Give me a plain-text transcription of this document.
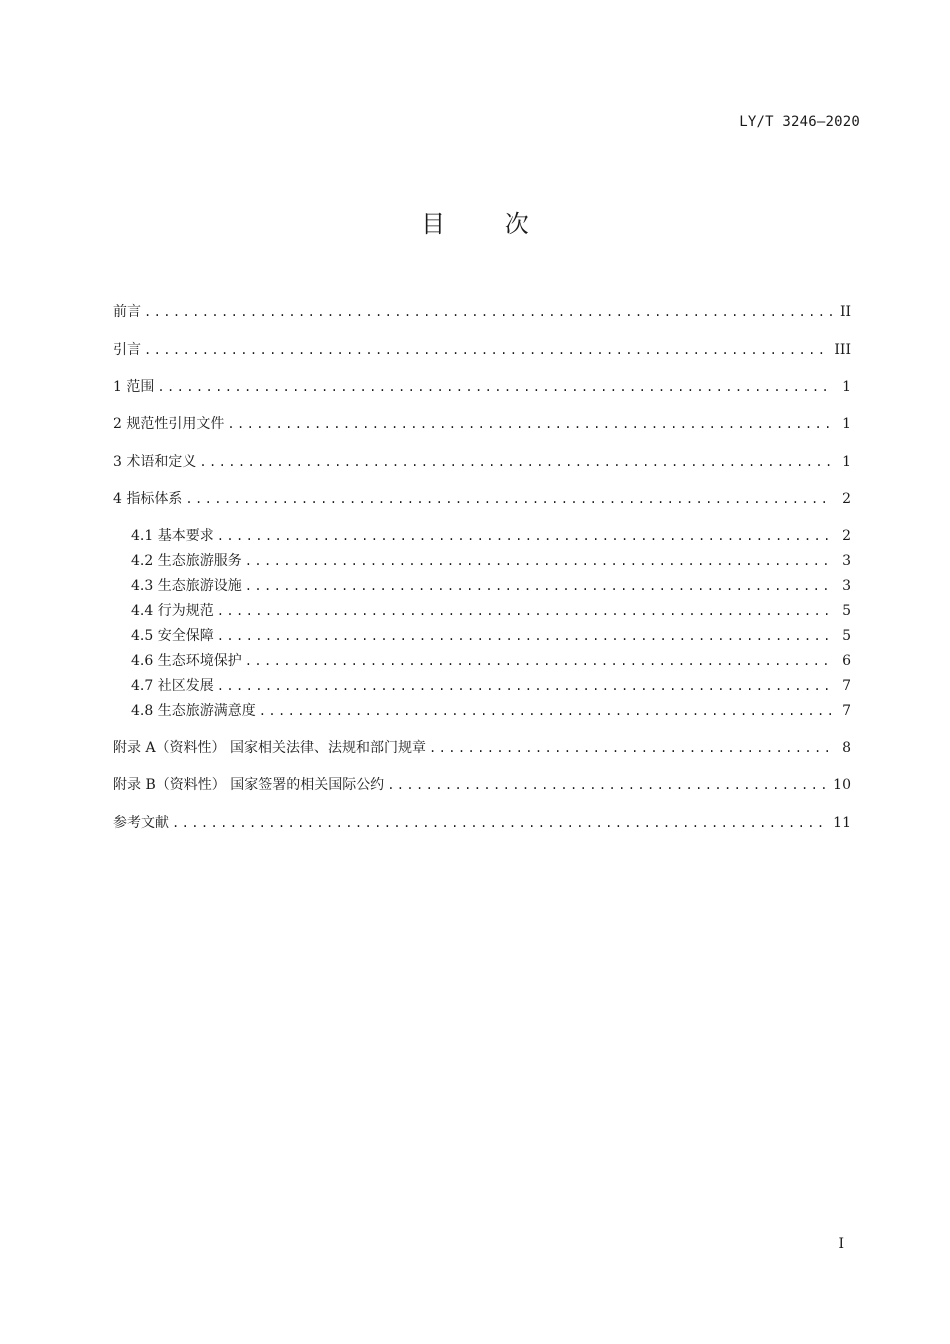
LY/T 3246—2020
目 次
前言 .....	II
引言 .....	III
1 范围 .....	1
2 规范性引用文件 .....	1
3 术语和定义 .....	1
4 指标体系 .....	2
4.1 基本要求 .....	2
4.2 生态旅游服务 .....	3
4.3 生态旅游设施 .....	3
4.4 行为规范 .....	5
4.5 安全保障 .....	5
4.6 生态环境保护 .....	6
4.7 社区发展 .....	7
4.8 生态旅游满意度 .....	7
附录 A（资料性） 国家相关法律、法规和部门规章 .....	8
附录 B（资料性） 国家签署的相关国际公约 .....	10
参考文献 .....	11
I
